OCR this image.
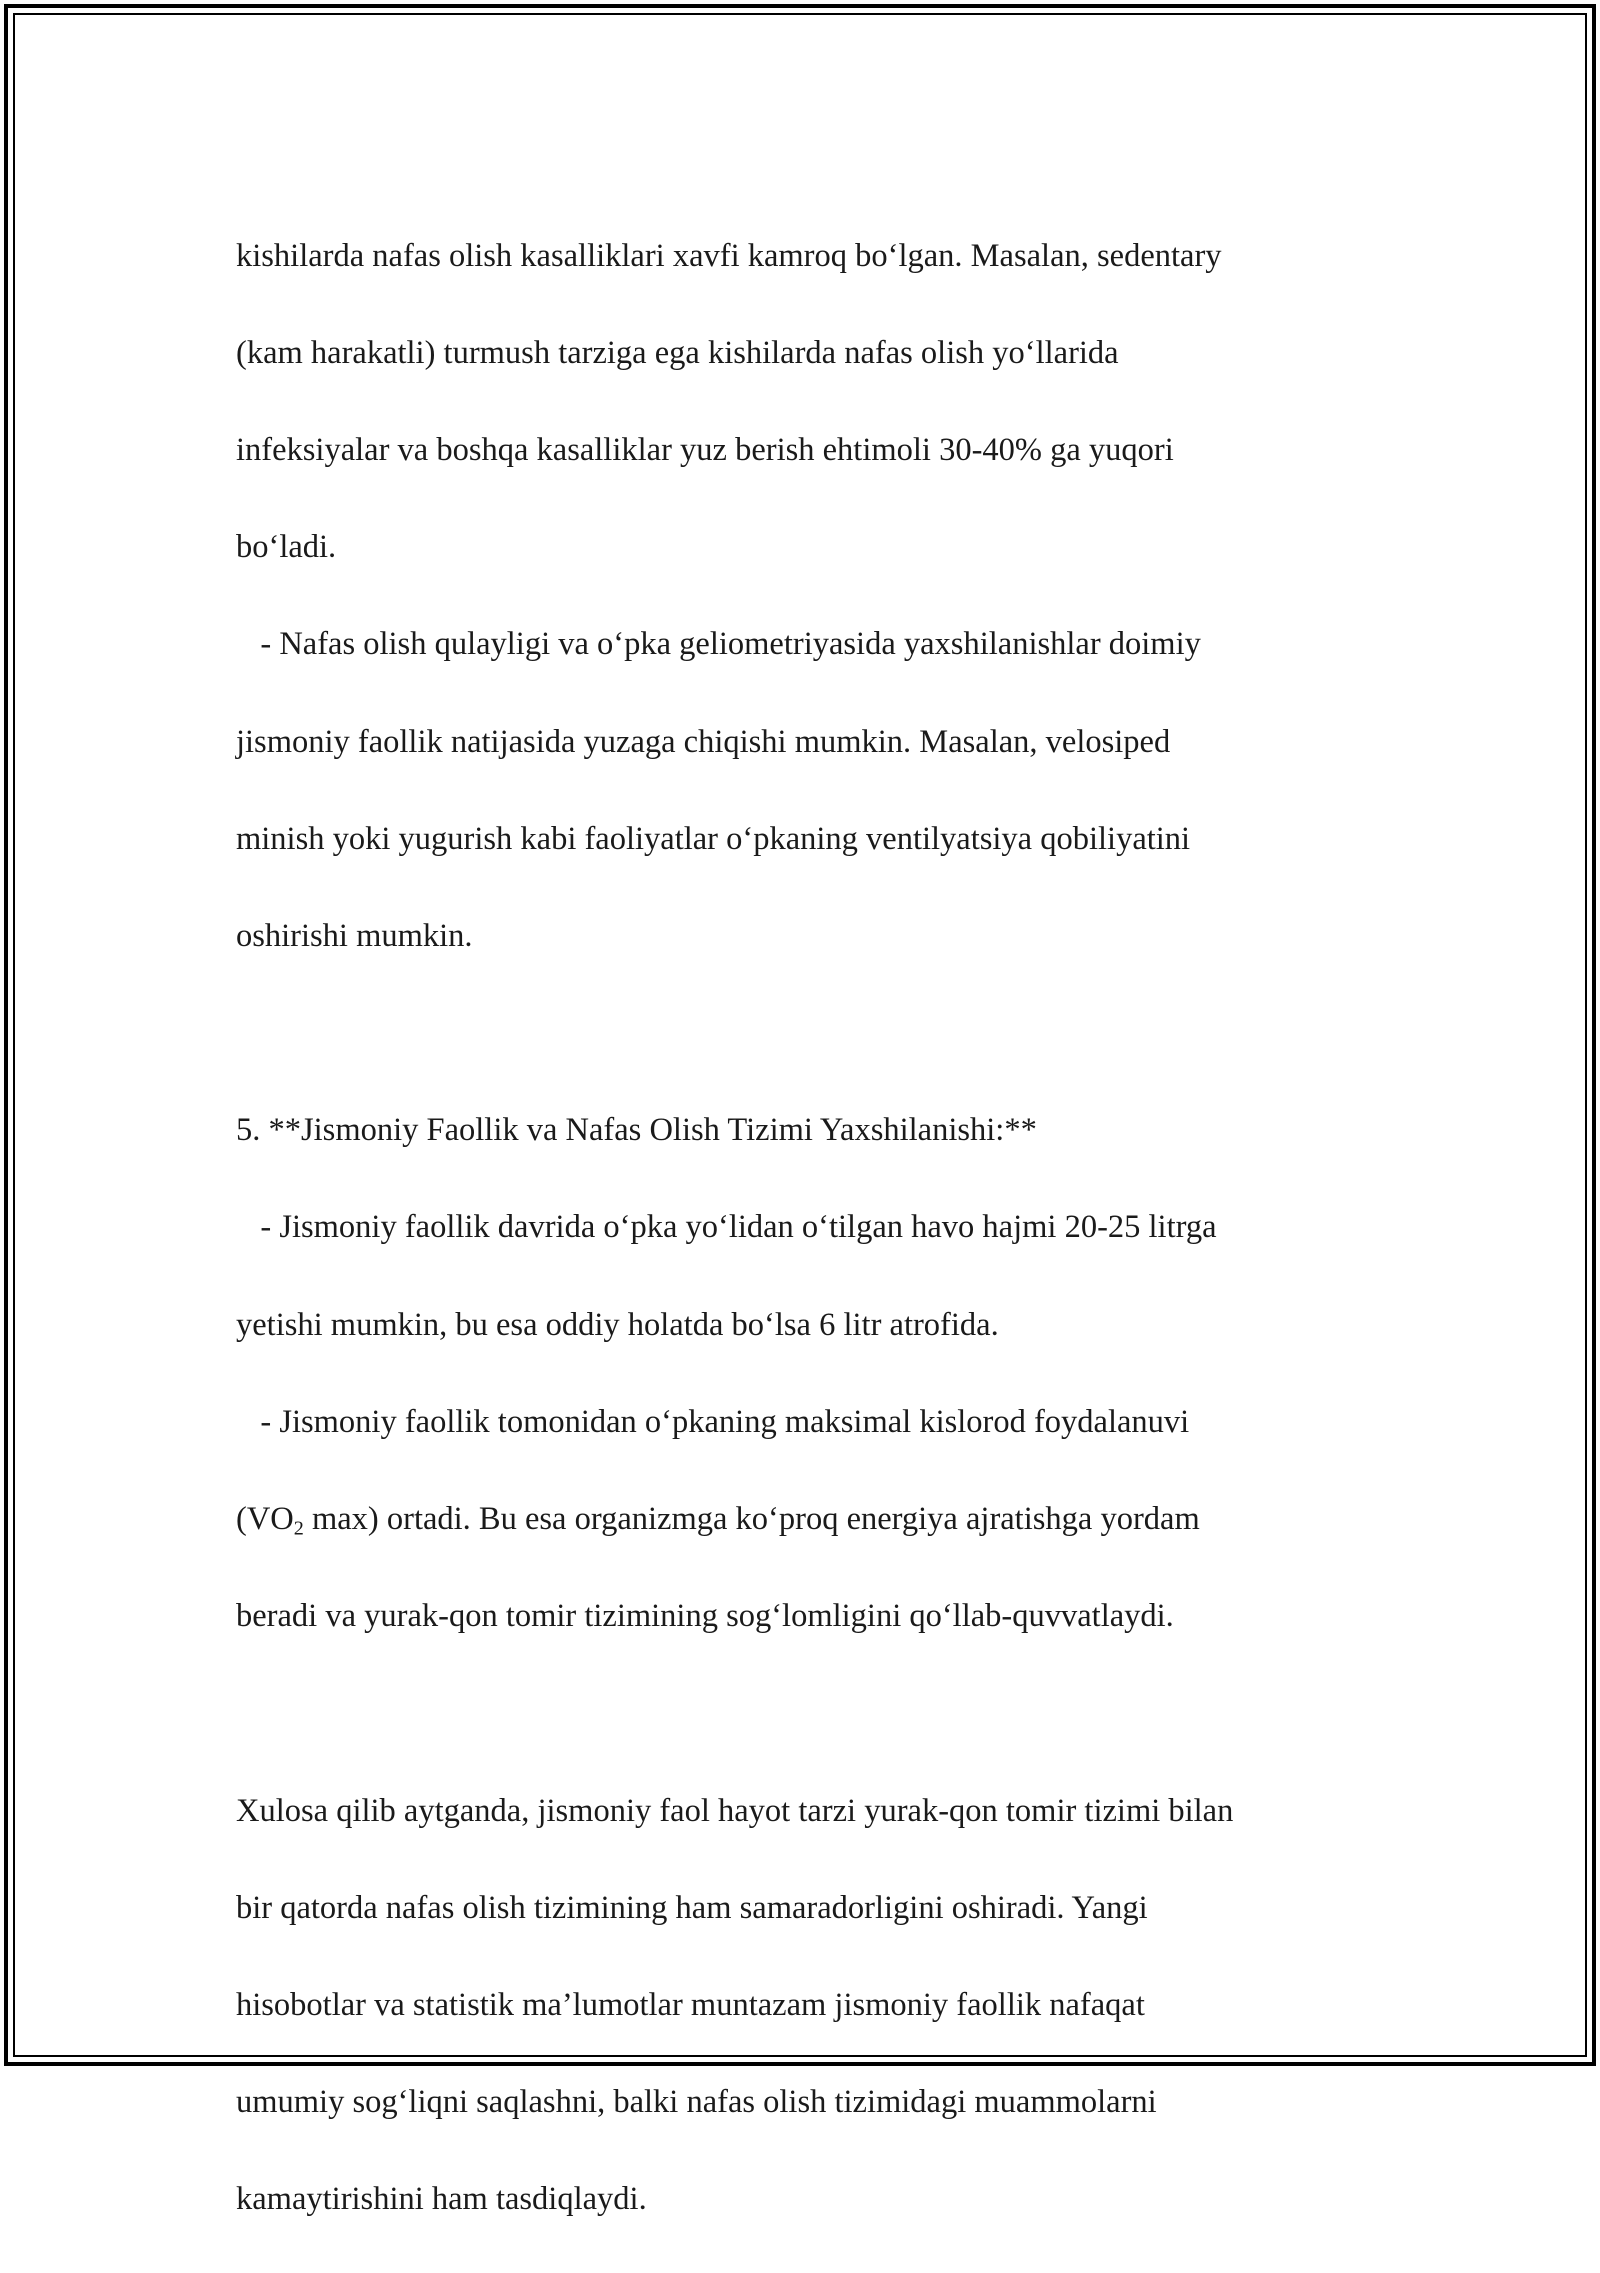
kishilarda nafas olish kasalliklari xavfi kamroq bo‘lgan. Masalan, sedentary

(kam harakatli) turmush tarziga ega kishilarda nafas olish yo‘llarida

infeksiyalar va boshqa kasalliklar yuz berish ehtimoli 30-40% ga yuqori

bo‘ladi.

- Nafas olish qulayligi va o‘pka geliometriyasida yaxshilanishlar doimiy

jismoniy faollik natijasida yuzaga chiqishi mumkin. Masalan, velosiped

minish yoki yugurish kabi faoliyatlar o‘pkaning ventilyatsiya qobiliyatini

oshirishi mumkin.

5. **Jismoniy Faollik va Nafas Olish Tizimi Yaxshilanishi:**

- Jismoniy faollik davrida o‘pka yo‘lidan o‘tilgan havo hajmi 20-25 litrga

yetishi mumkin, bu esa oddiy holatda bo‘lsa 6 litr atrofida.

- Jismoniy faollik tomonidan o‘pkaning maksimal kislorod foydalanuvi

($VO_2$ max) ortadi. Bu esa organizmga ko‘proq energiya ajratishga yordam

beradi va yurak-qon tomir tizimining sog‘lomligini qo‘llab-quvvatlaydi.

Xulosa qilib aytganda, jismoniy faol hayot tarzi yurak-qon tomir tizimi bilan

bir qatorda nafas olish tizimining ham samaradorligini oshiradi. Yangi

hisobotlar va statistik ma’lumotlar muntazam jismoniy faollik nafaqat

umumiy sog‘liqni saqlashni, balki nafas olish tizimidagi muammolarni

kamaytirishini ham tasdiqlaydi.
